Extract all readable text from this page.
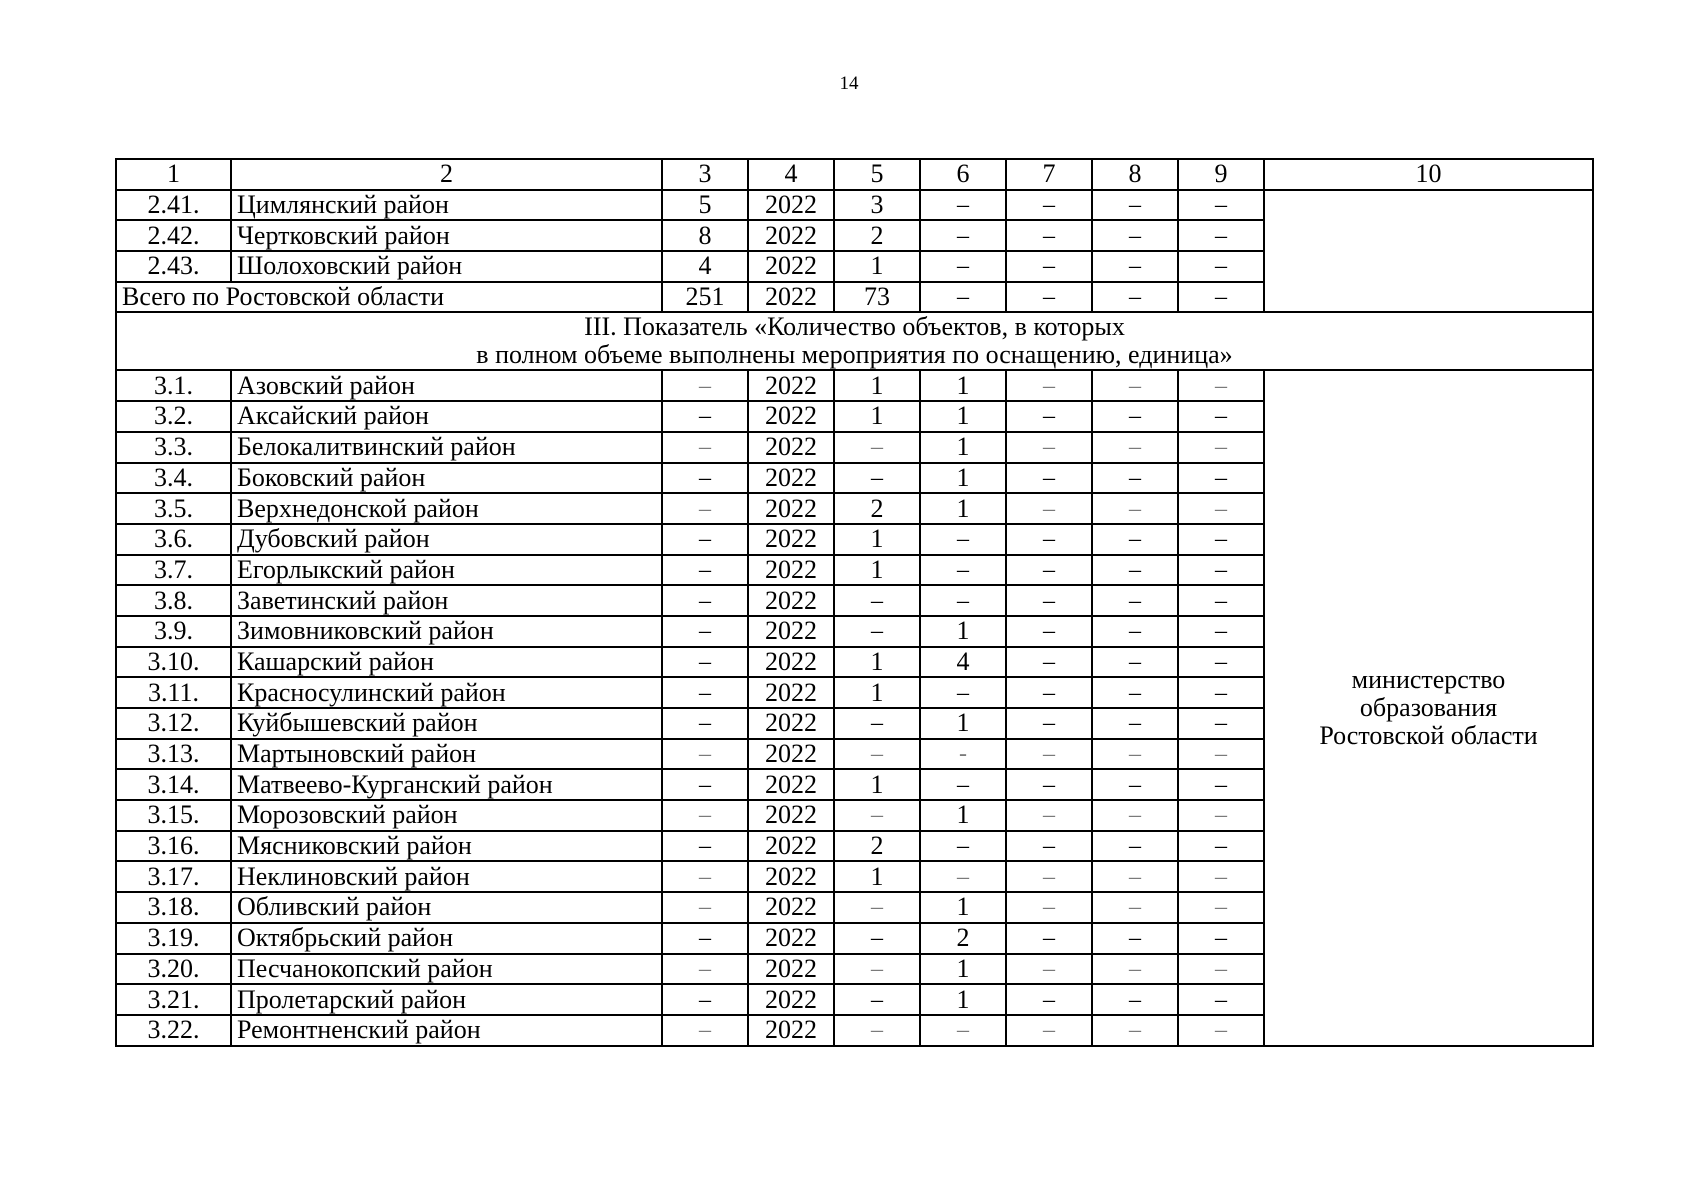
14
1	2	3	4	5	6	7	8	9	10
2.41.	Цимлянский район	5	2022	3	–	–	–	–	
2.42.	Чертковский район	8	2022	2	–	–	–	–	
2.43.	Шолоховский район	4	2022	1	–	–	–	–	
Всего по Ростовской области		251	2022	73	–	–	–	–	

III. Показатель «Количество объектов, в которых
в полном объеме выполнены мероприятия по оснащению, единица»									

3.1.	Азовский район	–	2022	1	1	–	–	–	министерство
образования
Ростовской области

3.2.	Аксайский район	–	2022	1	1	–	–	–	
3.3.	Белокалитвинский район	–	2022	–	1	–	–	–	
3.4.	Боковский район	–	2022	–	1	–	–	–	
3.5.	Верхнедонской район	–	2022	2	1	–	–	–	
3.6.	Дубовский район	–	2022	1	–	–	–	–	
3.7.	Егорлыкский район	–	2022	1	–	–	–	–	
3.8.	Заветинский район	–	2022	–	–	–	–	–	
3.9.	Зимовниковский район	–	2022	–	1	–	–	–	
3.10.	Кашарский район	–	2022	1	4	–	–	–	
3.11.	Красносулинский район	–	2022	1	–	–	–	–	
3.12.	Куйбышевский район	–	2022	–	1	–	–	–	
3.13.	Мартыновский район	–	2022	–	-	–	–	–	
3.14.	Матвеево-Курганский район	–	2022	1	–	–	–	–	
3.15.	Морозовский район	–	2022	–	1	–	–	–	
3.16.	Мясниковский район	–	2022	2	–	–	–	–	
3.17.	Неклиновский район	–	2022	1	–	–	–	–	
3.18.	Обливский район	–	2022	–	1	–	–	–	
3.19.	Октябрьский район	–	2022	–	2	–	–	–	
3.20.	Песчанокопский район	–	2022	–	1	–	–	–	
3.21.	Пролетарский район	–	2022	–	1	–	–	–	
3.22.	Ремонтненский район	–	2022	–	–	–	–	–	
